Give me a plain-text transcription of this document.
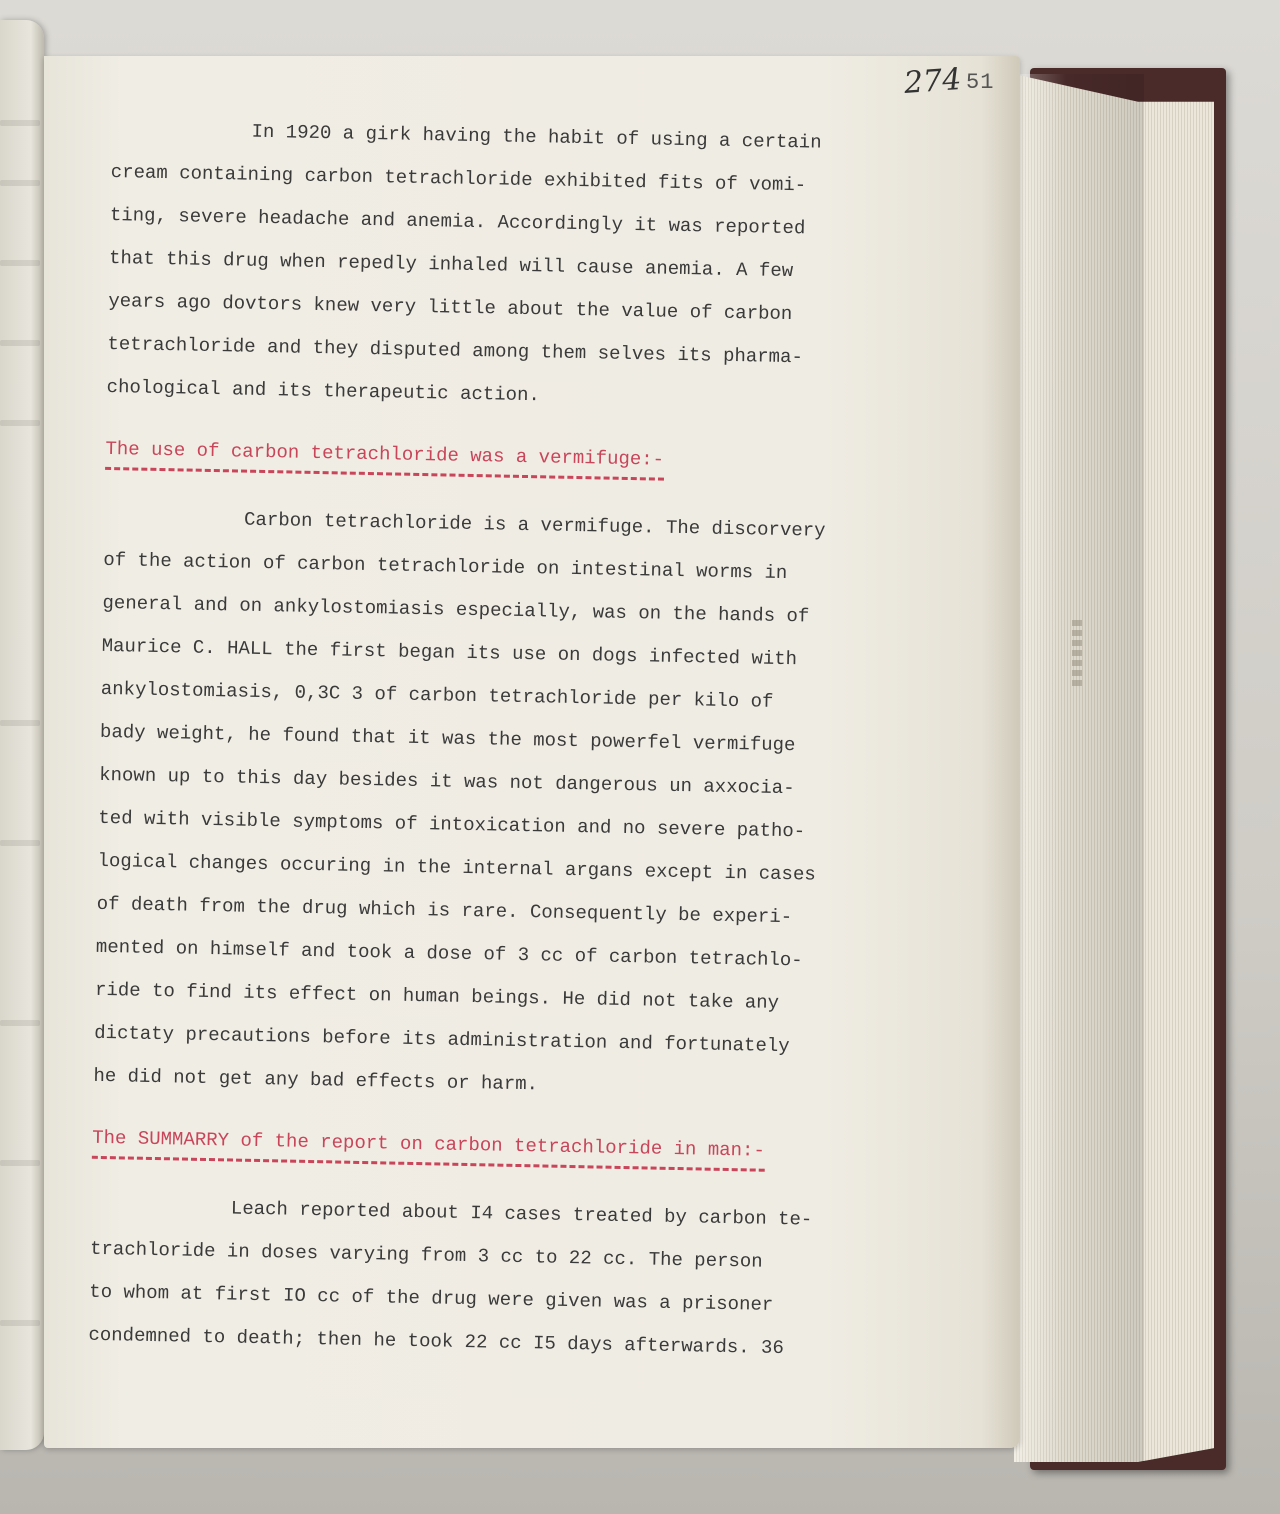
274 51

In 1920 a girk having the habit of using a certain

cream containing carbon tetrachloride exhibited fits of vomi-

ting, severe headache and anemia. Accordingly it was reported

that this drug when repedly inhaled will cause anemia. A few

years ago dovtors knew very little about the value of carbon

tetrachloride and they disputed among them selves its pharma-

chological and its therapeutic action.

The use of carbon tetrachloride was a vermifuge:-

Carbon tetrachloride is a vermifuge. The discorvery

of the action of carbon tetrachloride on intestinal worms in

general and on ankylostomiasis especially, was on the hands of

Maurice C. HALL the first began its use on dogs infected with

ankylostomiasis, 0,3C 3 of carbon tetrachloride per kilo of

bady weight, he found that it was the most powerfel vermifuge

known up to this day besides it was not dangerous un axxocia-

ted with visible symptoms of intoxication and no severe patho-

logical changes occuring in the internal argans except in cases

of death from the drug which is rare. Consequently be experi-

mented on himself and took a dose of 3 cc of carbon tetrachlo-

ride to find its effect on human beings. He did not take any

dictaty precautions before its administration and fortunately

he did not get any bad effects or harm.

The SUMMARRY of the report on carbon tetrachloride in man:-

Leach reported about I4 cases treated by carbon te-

trachloride in doses varying from 3 cc to 22 cc. The person

to whom at first IO cc of the drug were given was a prisoner

condemned to death; then he took 22 cc I5 days afterwards. 36
